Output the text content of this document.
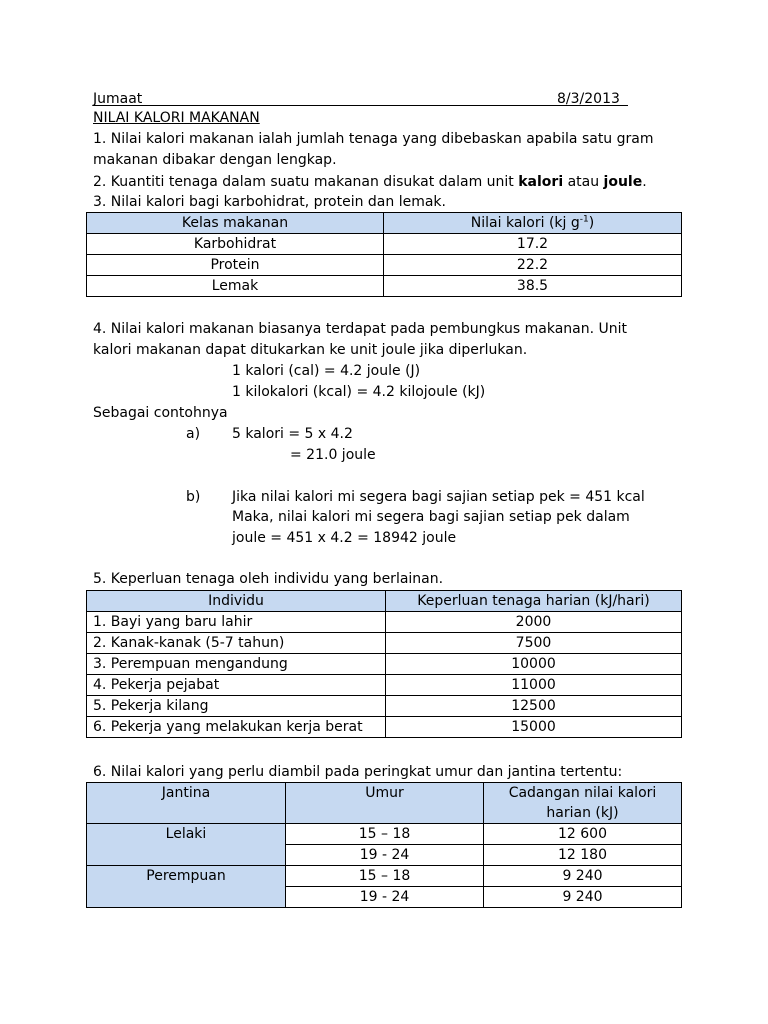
Jumaat	8/3/2013
NILAI KALORI MAKANAN
1. Nilai kalori makanan ialah jumlah tenaga yang dibebaskan apabila satu gram
makanan dibakar dengan lengkap.
2. Kuantiti tenaga dalam suatu makanan disukat dalam unit kalori atau joule.
3. Nilai kalori bagi karbohidrat, protein dan lemak.
Kelas makanan	Nilai kalori (kj $g^{-1}$)
Karbohidrat	17.2
Protein	22.2
Lemak	38.5
4. Nilai kalori makanan biasanya terdapat pada pembungkus makanan. Unit
kalori makanan dapat ditukarkan ke unit joule jika diperlukan.
1 kalori (cal) = 4.2 joule (J)
1 kilokalori (kcal) = 4.2 kilojoule (kJ)
Sebagai contohnya
a) 5 kalori = 5 x 4.2
= 21.0 joule
b) Jika nilai kalori mi segera bagi sajian setiap pek = 451 kcal
Maka, nilai kalori mi segera bagi sajian setiap pek dalam
joule = 451 x 4.2 = 18942 joule
5. Keperluan tenaga oleh individu yang berlainan.
Individu	Keperluan tenaga harian (kJ/hari)
1. Bayi yang baru lahir	2000
2. Kanak-kanak (5-7 tahun)	7500
3. Perempuan mengandung	10000
4. Pekerja pejabat	11000
5. Pekerja kilang	12500
6. Pekerja yang melakukan kerja berat	15000
6. Nilai kalori yang perlu diambil pada peringkat umur dan jantina tertentu:
Jantina	Umur	Cadangan nilai kalori
harian (kJ)

Lelaki	15 – 18	12 600
	19 - 24	12 180
Perempuan	15 – 18	9 240
	19 - 24	9 240
